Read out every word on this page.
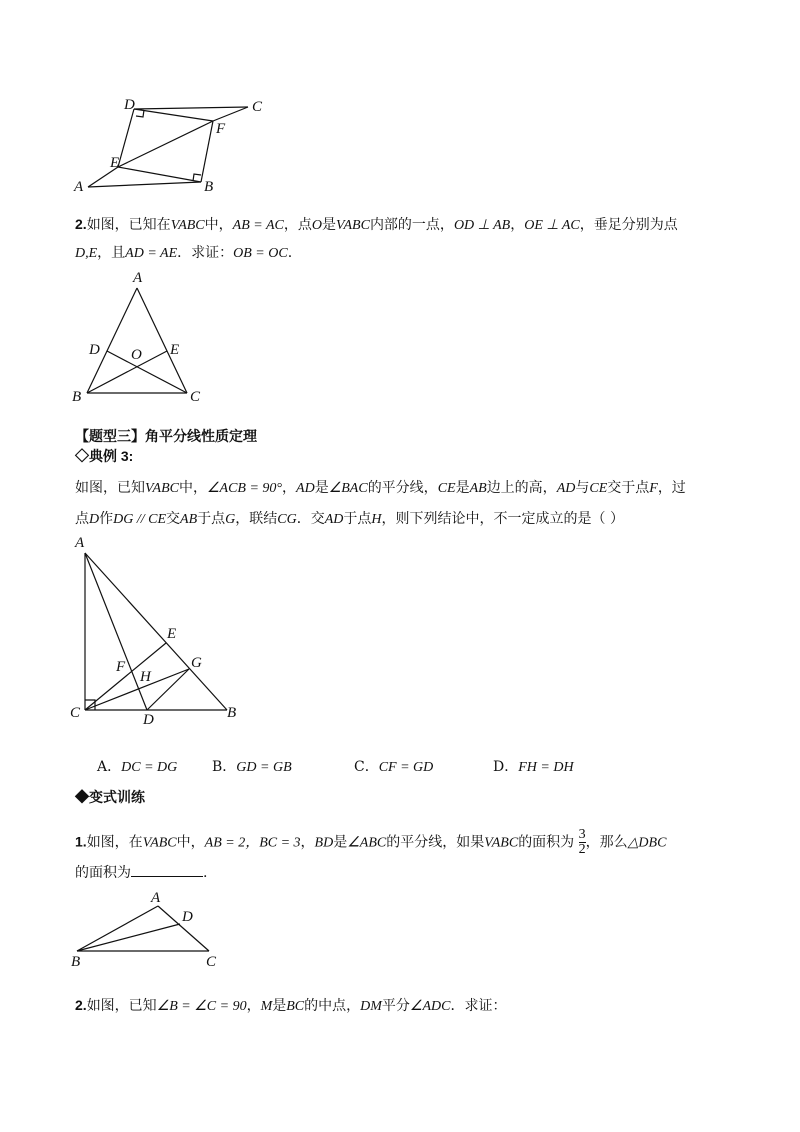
D	C
F
E
A	B
2.如图，已知在VABC中，AB = AC，点O是VABC内部的一点，OD ⊥ AB，OE ⊥ AC，垂足分别为点
D,E，且AD = AE．求证：OB = OC.
A
D O E
B	C
【题型三】角平分线性质定理
◇典例 3:
如图，已知VABC中，∠ACB = 90°，AD是∠BAC的平分线，CE是AB边上的高，AD与CE交于点F，过
点D作DG // CE交AB于点G，联结CG．交AD于点H，则下列结论中，不一定成立的是（ ）
A
E
G
F
H
C	D	B
A．DC = DG B．GD = GB	C．CF = GD	D．FH = DH
◆变式训练
1.如图，在VABC中，AB = 2，BC = 3，BD是∠ABC的平分线，如果VABC的面积为 $\frac{3}{2}$ ，那么△DBC
的面积为	.
A
D
B	C
2.如图，已知∠B = ∠C = 90，M是BC的中点，DM平分∠ADC．求证：
